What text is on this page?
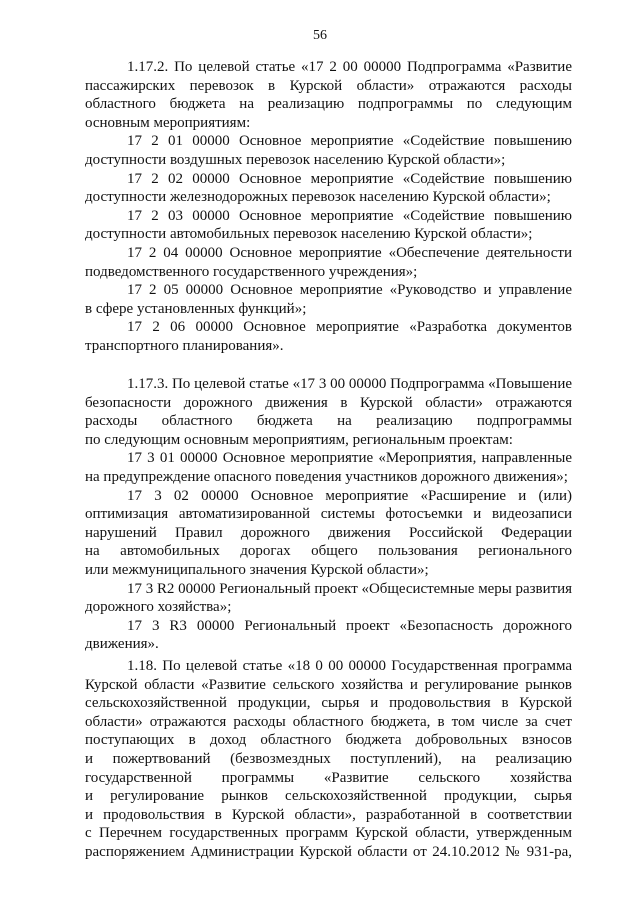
56
1.17.2. По целевой статье «17 2 00 00000 Подпрограмма «Развитие
пассажирских перевозок в Курской области» отражаются расходы
областного бюджета на реализацию подпрограммы по следующим
основным мероприятиям:
17 2 01 00000 Основное мероприятие «Содействие повышению
доступности воздушных перевозок населению Курской области»;
17 2 02 00000 Основное мероприятие «Содействие повышению
доступности железнодорожных перевозок населению Курской области»;
17 2 03 00000 Основное мероприятие «Содействие повышению
доступности автомобильных перевозок населению Курской области»;
17 2 04 00000 Основное мероприятие «Обеспечение деятельности
подведомственного государственного учреждения»;
17 2 05 00000 Основное мероприятие «Руководство и управление
в сфере установленных функций»;
17 2 06 00000 Основное мероприятие «Разработка документов
транспортного планирования».
1.17.3. По целевой статье «17 3 00 00000 Подпрограмма «Повышение
безопасности дорожного движения в Курской области» отражаются
расходы областного бюджета на реализацию подпрограммы
по следующим основным мероприятиям, региональным проектам:
17 3 01 00000 Основное мероприятие «Мероприятия, направленные
на предупреждение опасного поведения участников дорожного движения»;
17 3 02 00000 Основное мероприятие «Расширение и (или)
оптимизация автоматизированной системы фотосъемки и видеозаписи
нарушений Правил дорожного движения Российской Федерации
на автомобильных дорогах общего пользования регионального
или межмуниципального значения Курской области»;
17 3 R2 00000 Региональный проект «Общесистемные меры развития
дорожного хозяйства»;
17 3 R3 00000 Региональный проект «Безопасность дорожного
движения».
1.18. По целевой статье «18 0 00 00000 Государственная программа
Курской области «Развитие сельского хозяйства и регулирование рынков
сельскохозяйственной продукции, сырья и продовольствия в Курской
области» отражаются расходы областного бюджета, в том числе за счет
поступающих в доход областного бюджета добровольных взносов
и пожертвований (безвозмездных поступлений), на реализацию
государственной программы «Развитие сельского хозяйства
и регулирование рынков сельскохозяйственной продукции, сырья
и продовольствия в Курской области», разработанной в соответствии
с Перечнем государственных программ Курской области, утвержденным
распоряжением Администрации Курской области от 24.10.2012 № 931-ра,
